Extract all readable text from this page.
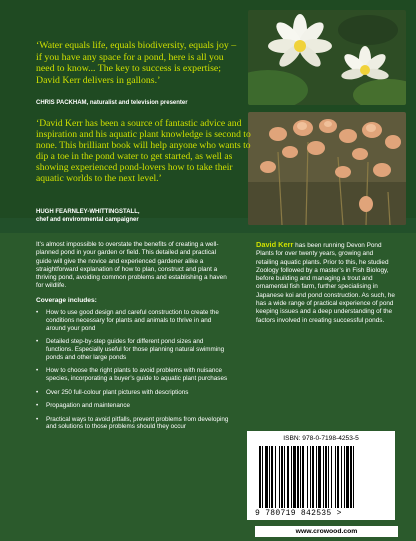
‘Water equals life, equals biodiversity, equals joy – if you have any space for a pond, here is all you need to know... The key to success is expertise; David Kerr delivers in gallons.’
CHRIS PACKHAM, naturalist and television presenter
‘David Kerr has been a source of fantastic advice and inspiration and his aquatic plant knowledge is second to none. This brilliant book will help anyone who wants to dip a toe in the pond water to get started, as well as showing experienced pond-lovers how to take their aquatic worlds to the next level.’
HUGH FEARNLEY-WHITTINGSTALL,
chef and environmental campaigner
It’s almost impossible to overstate the benefits of creating a well-planned pond in your garden or field. This detailed and practical guide will give the novice and experienced gardener alike a straightforward explanation of how to plan, construct and plant a thriving pond, avoiding common problems and establishing a haven for wildlife.
Coverage includes:
• How to use good design and careful construction to create the conditions necessary for plants and animals to thrive in and around your pond
• Detailed step-by-step guides for different pond sizes and functions. Especially useful for those planning natural swimming ponds and other large ponds
• How to choose the right plants to avoid problems with nuisance species, incorporating a buyer’s guide to aquatic plant purchases
• Over 250 full-colour plant pictures with descriptions
• Propagation and maintenance
• Practical ways to avoid pitfalls, prevent problems from developing and solutions to those problems should they occur
David Kerr has been running Devon Pond Plants for over twenty years, growing and retailing aquatic plants. Prior to this, he studied Zoology followed by a master’s in Fish Biology, before building and managing a trout and ornamental fish farm, further specialising in Japanese koi and pond construction. As such, he has a wide range of practical experience of pond keeping issues and a deep understanding of the factors involved in creating successful ponds.
ISBN: 978-0-7198-4253-5
9 780719 842535 >
www.crowood.com
